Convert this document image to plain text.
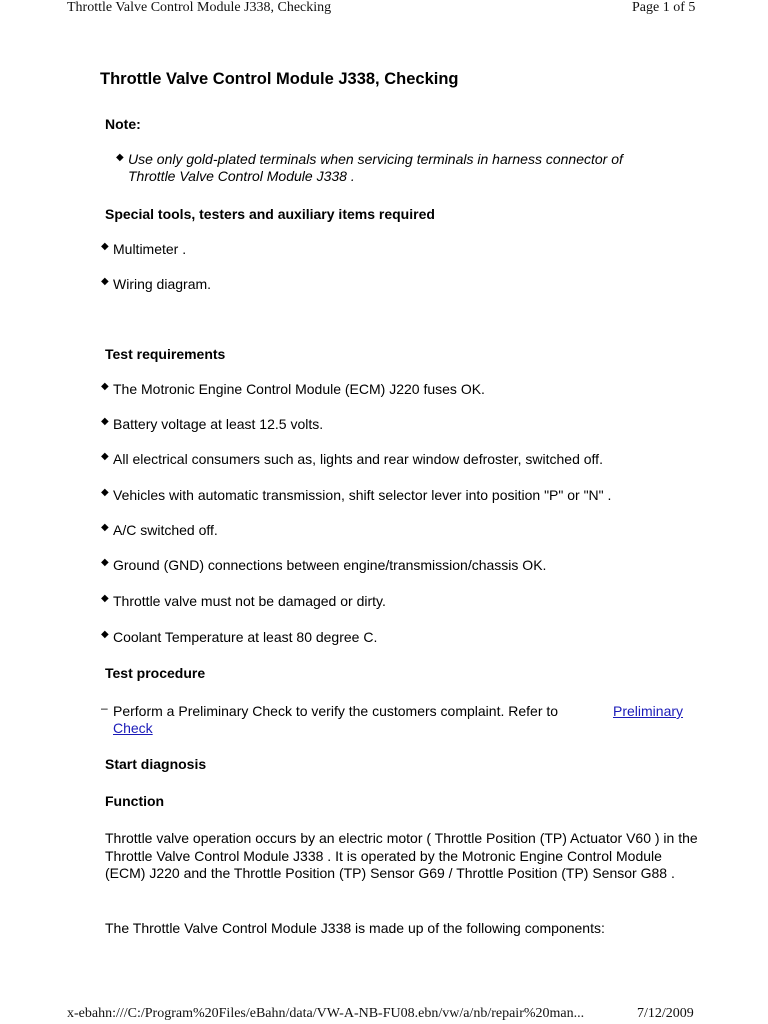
Throttle Valve Control Module J338, Checking	Page 1 of 5
Throttle Valve Control Module J338, Checking
Note:
◆ Use only gold-plated terminals when servicing terminals in harness connector of
Throttle Valve Control Module J338 .
Special tools, testers and auxiliary items required
◆ Multimeter .
◆ Wiring diagram.
Test requirements
◆ The Motronic Engine Control Module (ECM) J220 fuses OK.
◆ Battery voltage at least 12.5 volts.
◆ All electrical consumers such as, lights and rear window defroster, switched off.
◆ Vehicles with automatic transmission, shift selector lever into position "P" or "N" .
◆ A/C switched off.
◆ Ground (GND) connections between engine/transmission/chassis OK.
◆ Throttle valve must not be damaged or dirty.
◆ Coolant Temperature at least 80 degree C.
Test procedure
– Perform a Preliminary Check to verify the customers complaint. Refer to	Preliminary
Check
Start diagnosis
Function
Throttle valve operation occurs by an electric motor ( Throttle Position (TP) Actuator V60 ) in the Throttle Valve Control Module J338 . It is operated by the Motronic Engine Control Module (ECM) J220 and the Throttle Position (TP) Sensor G69 / Throttle Position (TP) Sensor G88 .
The Throttle Valve Control Module J338 is made up of the following components:
x-ebahn:///C:/Program%20Files/eBahn/data/VW-A-NB-FU08.ebn/vw/a/nb/repair%20man...	7/12/2009
